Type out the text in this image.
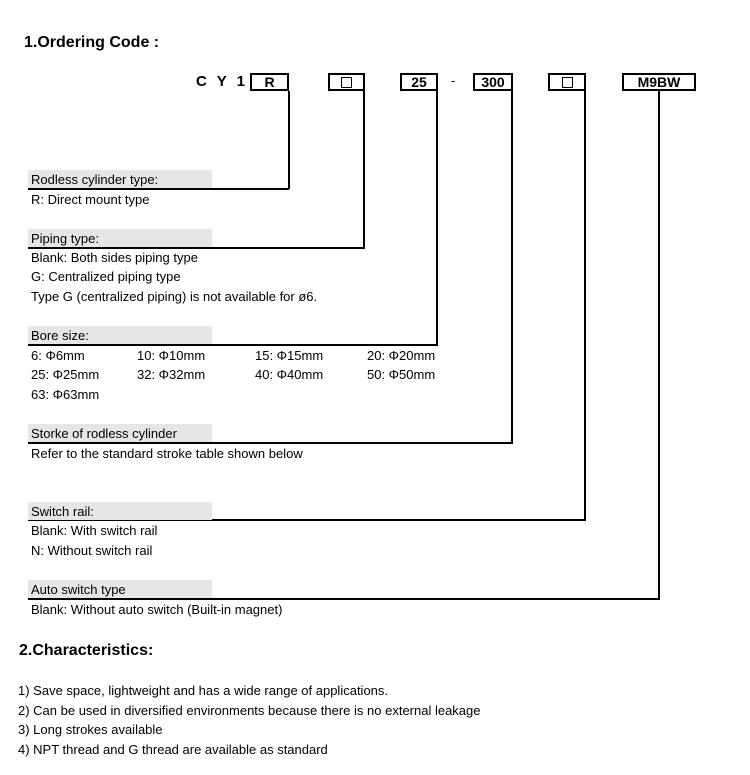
1.Ordering Code :
C Y 1	R	25	-	300	M9BW
Rodless cylinder type:
R: Direct mount type
Piping type:
Blank: Both sides piping type
G: Centralized piping type
Type G (centralized piping) is not available for ø6.
Bore size:
6: Φ6mm	10: Φ10mm	15: Φ15mm	20: Φ20mm
25: Φ25mm	32: Φ32mm	40: Φ40mm	50: Φ50mm
63: Φ63mm
Storke of rodless cylinder
Refer to the standard stroke table shown below
Switch rail:
Blank: With switch rail
N: Without switch rail
Auto switch type
Blank: Without auto switch (Built-in magnet)
2.Characteristics:
1) Save space, lightweight and has a wide range of applications.
2) Can be used in diversified environments because there is no external leakage
3) Long strokes available
4) NPT thread and G thread are available as standard
